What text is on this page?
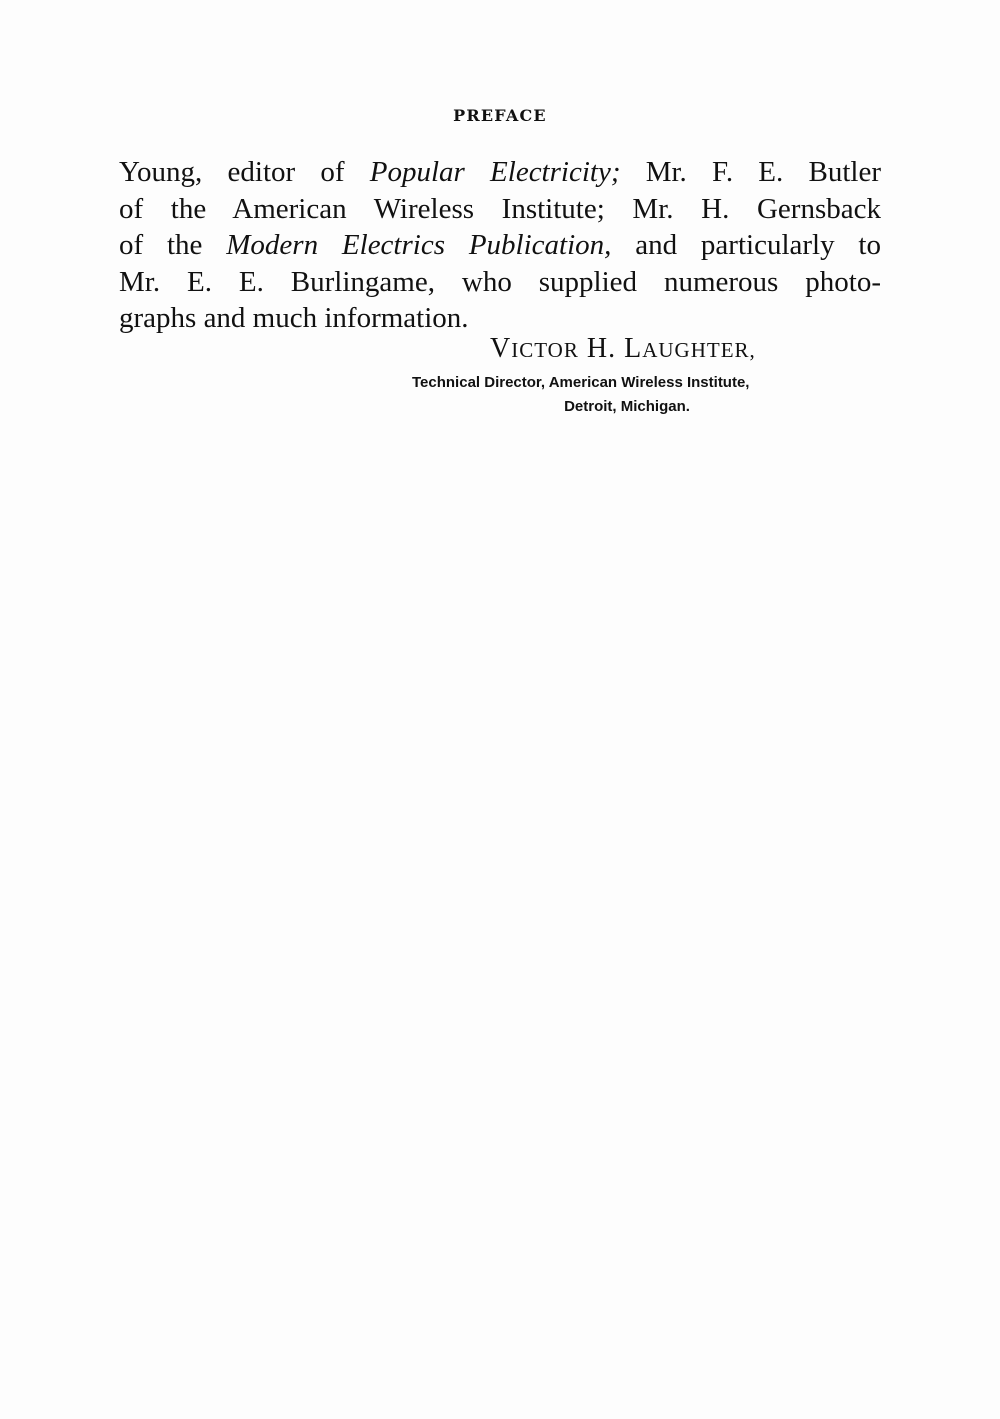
PREFACE
Young, editor of Popular Electricity; Mr. F. E. Butler
of the American Wireless Institute; Mr. H. Gernsback
of the Modern Electrics Publication, and particularly to
Mr. E. E. Burlingame, who supplied numerous photo-
graphs and much information.
VICTOR H. LAUGHTER,
Technical Director, American Wireless Institute,
Detroit, Michigan.
